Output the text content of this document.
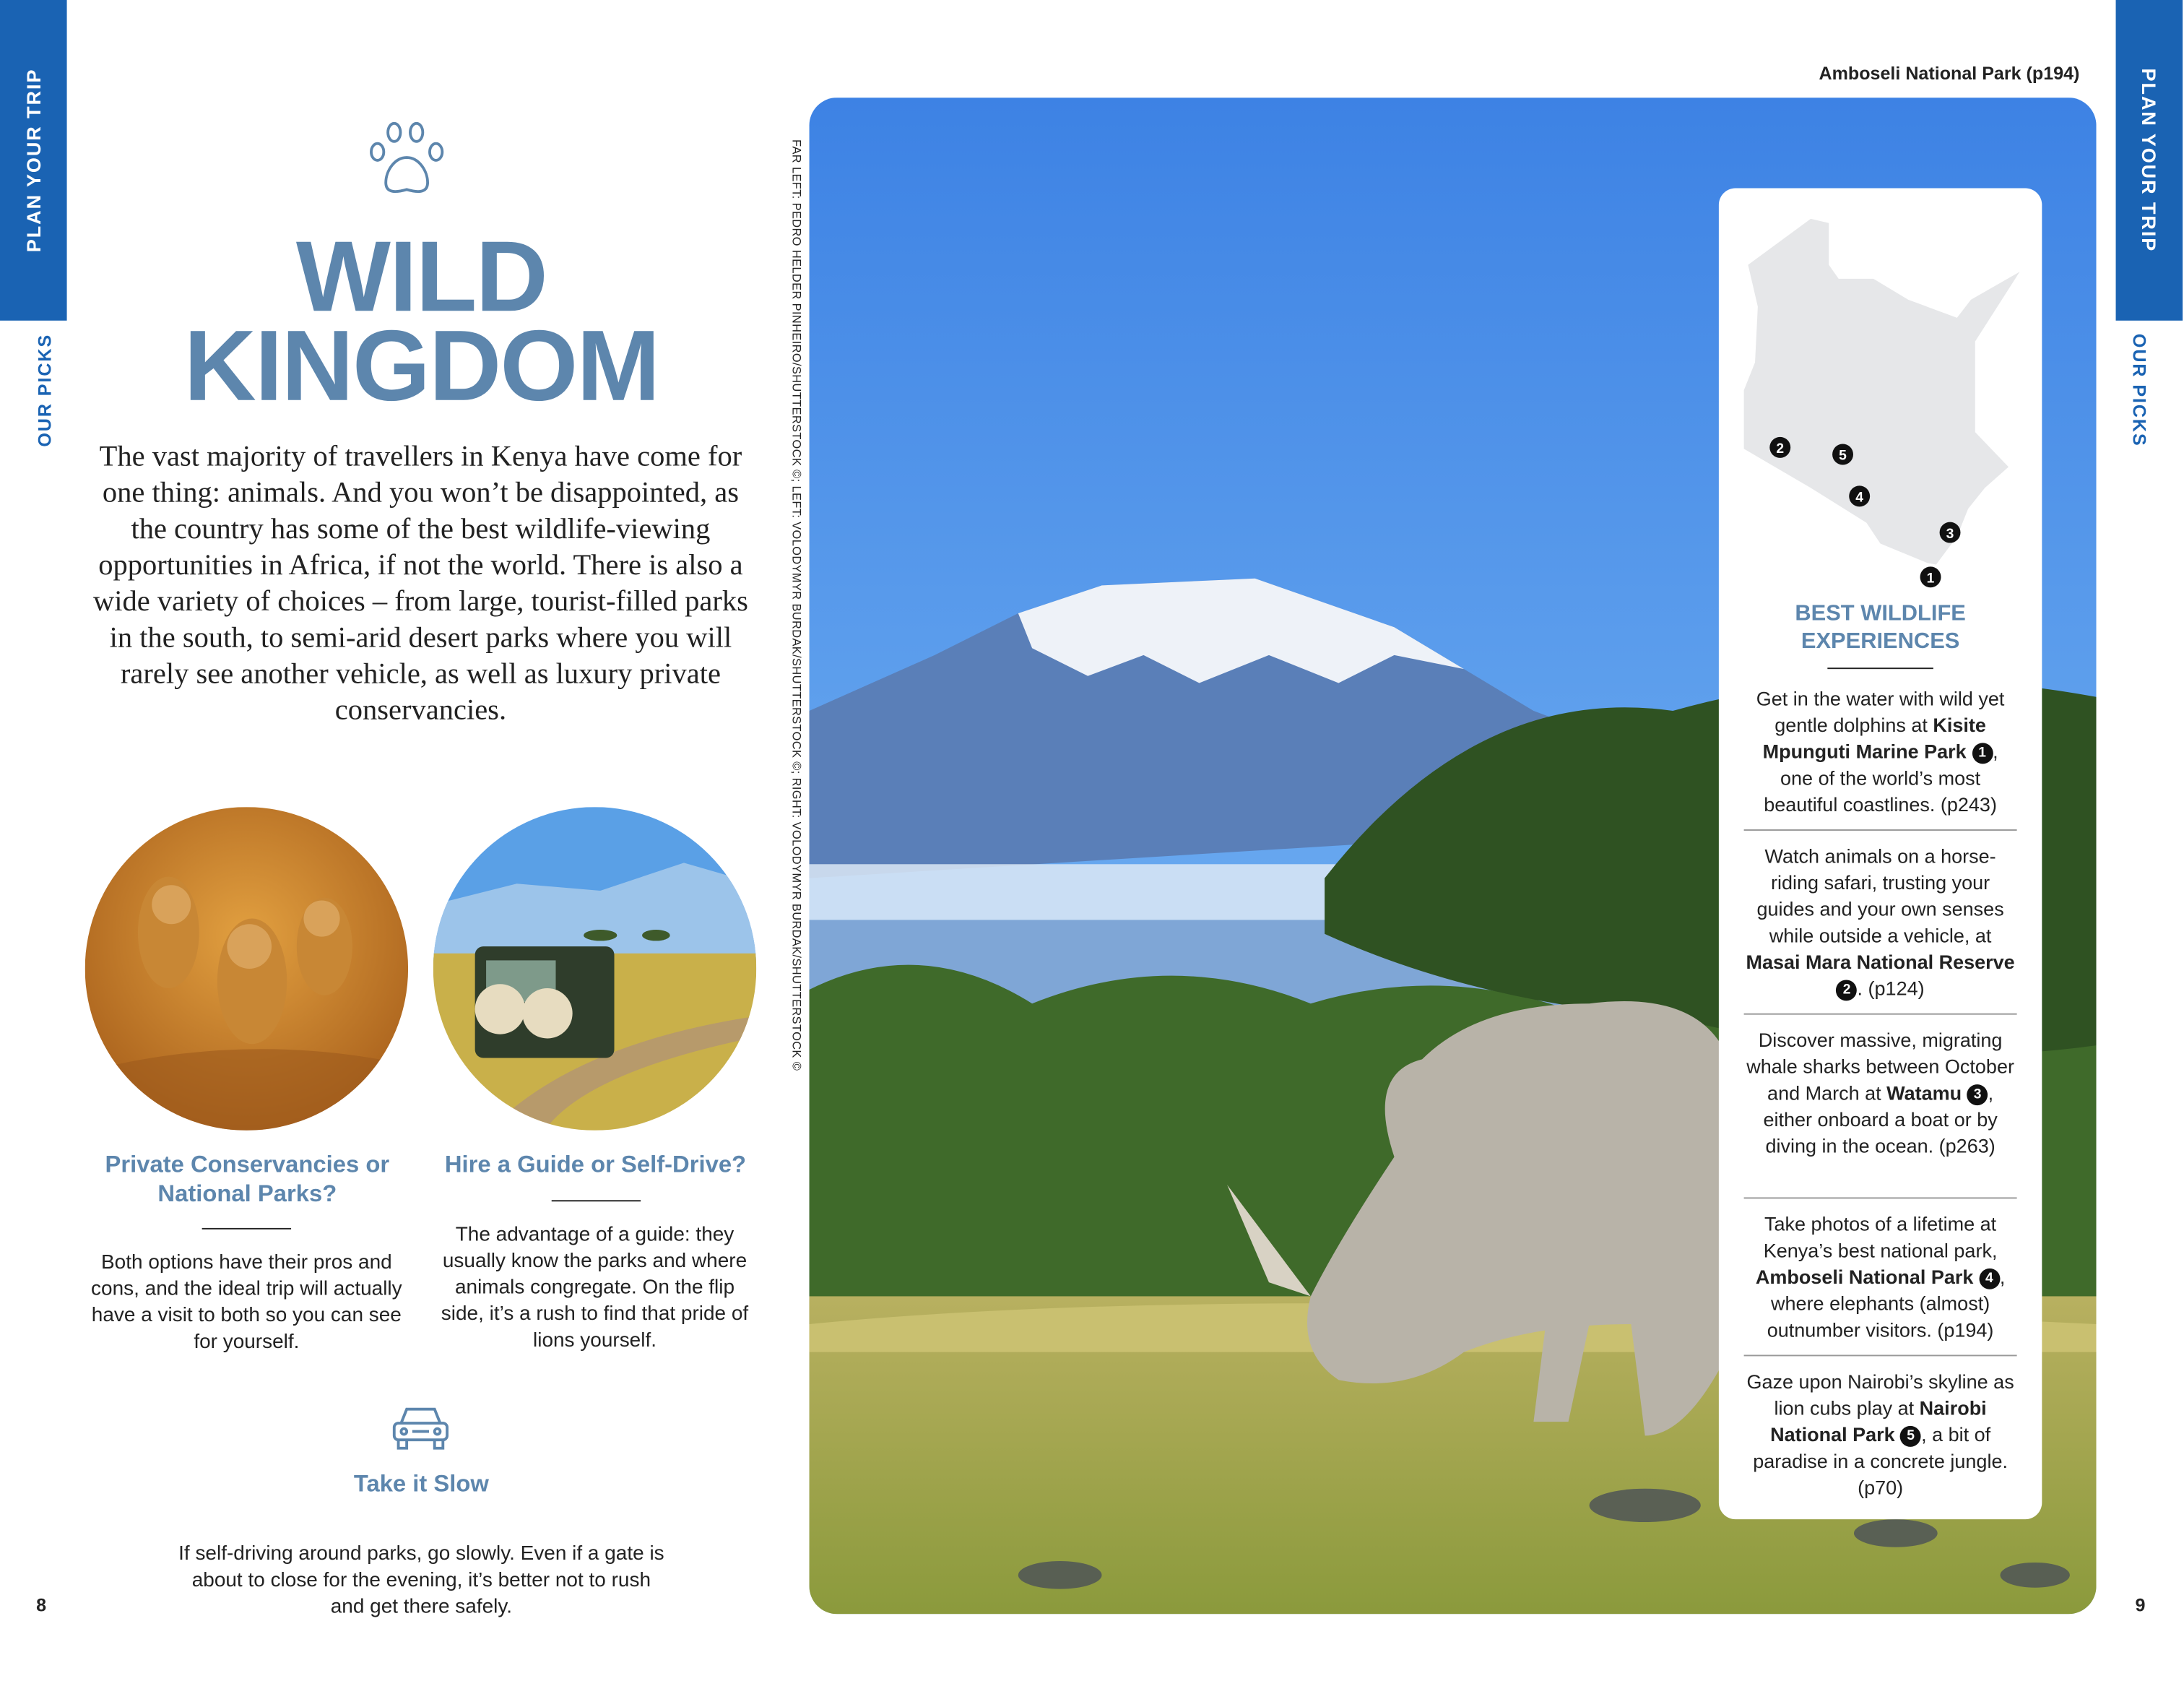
PLAN YOUR TRIP
OUR PICKS
PLAN YOUR TRIP
OUR PICKS
WILD
KINGDOM
The vast majority of travellers in Kenya have come for one thing: animals. And you won’t be disappointed, as the country has some of the best wildlife-viewing opportunities in Africa, if not the world. There is also a wide variety of choices – from large, tourist-filled parks in the south, to semi-arid desert parks where you will rarely see another vehicle, as well as luxury private conservancies.
Private Conservancies or National Parks?
Both options have their pros and cons, and the ideal trip will actually have a visit to both so you can see for yourself.
Hire a Guide or Self-Drive?
The advantage of a guide: they usually know the parks and where animals congregate. On the flip side, it’s a rush to find that pride of lions yourself.
Take it Slow
If self-driving around parks, go slowly. Even if a gate is about to close for the evening, it’s better not to rush and get there safely.
8	9
FAR LEFT: PEDRO HELDER PINHEIRO/SHUTTERSTOCK ©; LEFT: VOLODYMYR BURDAK/SHUTTERSTOCK ©; RIGHT: VOLODYMYR BURDAK/SHUTTERSTOCK ©
Amboseli National Park (p194)
1
2
3
4
5
BEST WILDLIFE EXPERIENCES
Get in the water with wild yet gentle dolphins at Kisite Mpunguti Marine Park 1 , one of the world’s most beautiful coastlines. (p243)
Watch animals on a horse-riding safari, trusting your guides and your own senses while outside a vehicle, at Masai Mara National Reserve 2 . (p124)
Discover massive, migrating whale sharks between October and March at Watamu 3 , either onboard a boat or by diving in the ocean. (p263)
Take photos of a lifetime at Kenya’s best national park, Amboseli National Park 4 , where elephants (almost) outnumber visitors. (p194)
Gaze upon Nairobi’s skyline as lion cubs play at Nairobi National Park 5 , a bit of paradise in a concrete jungle. (p70)
